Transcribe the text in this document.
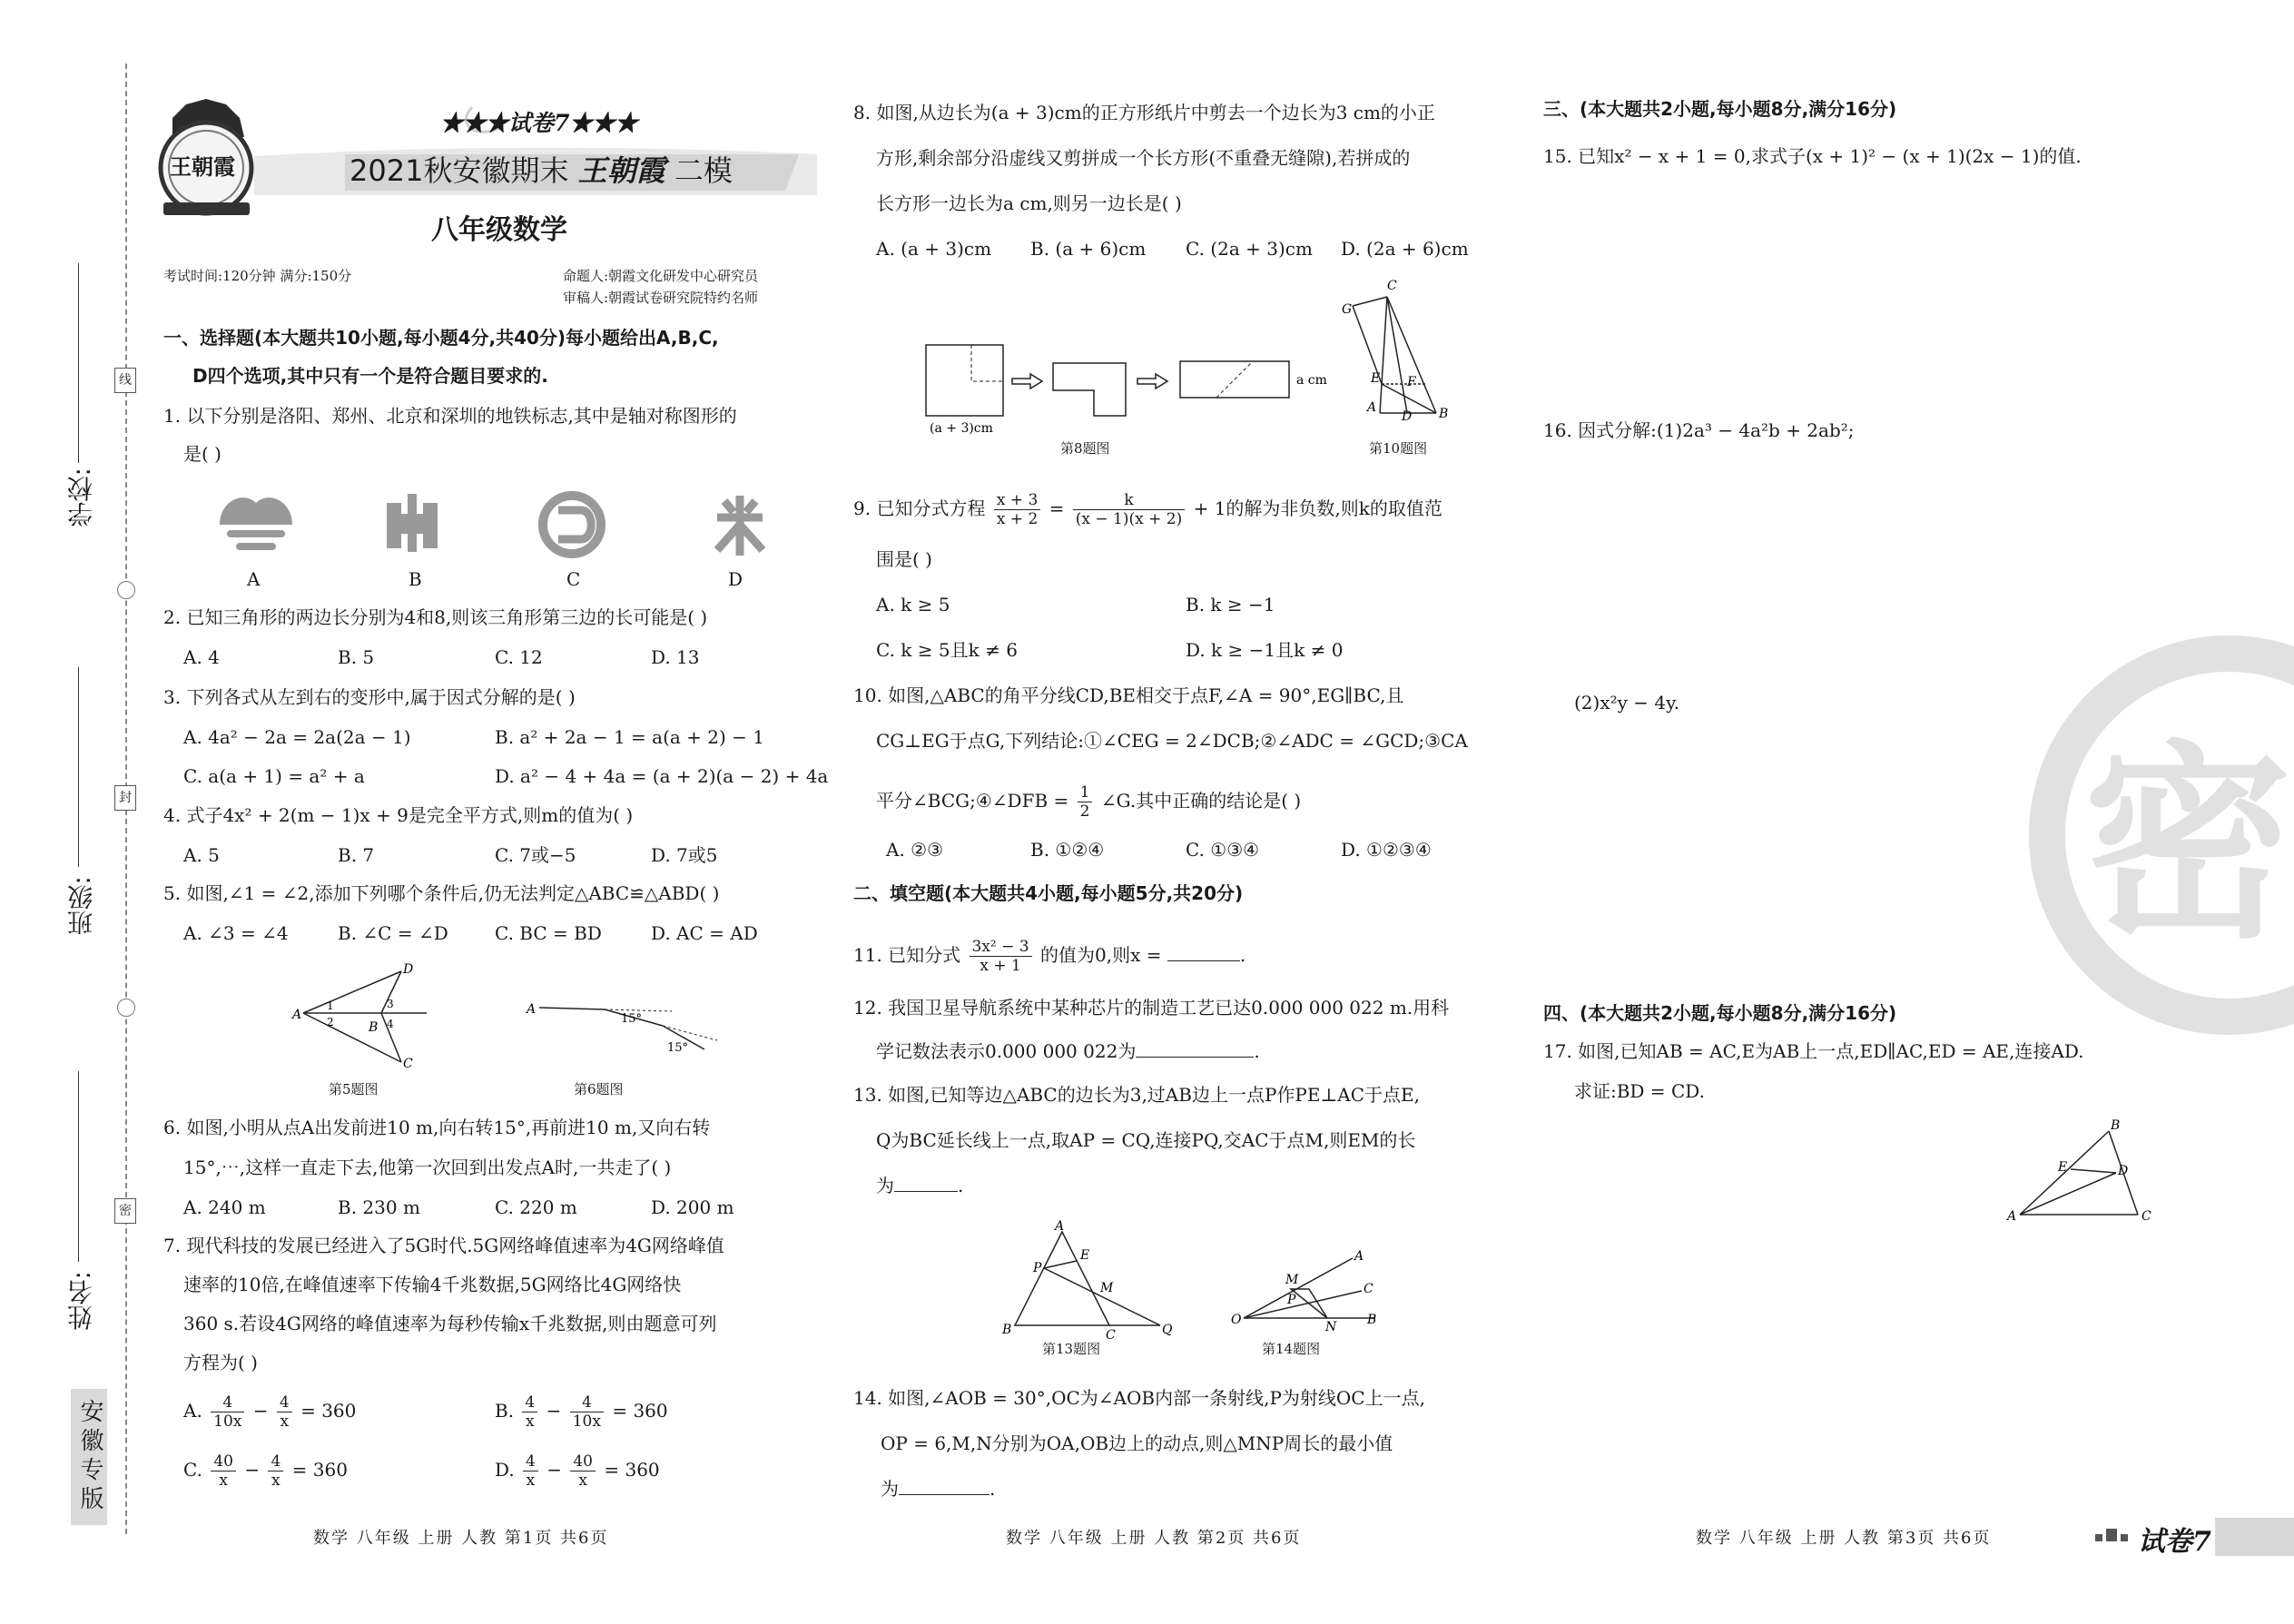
学校:
班级:
姓名:
线
封
密
安徽专版
王朝霞
★★★试卷7★★★
2021秋安徽期末 王朝霞 二模
八年级数学
考试时间:120分钟 满分:150分	命题人:朝霞文化研发中心研究员
审稿人:朝霞试卷研究院特约名师
一、选择题(本大题共10小题,每小题4分,共40分)每小题给出A,B,C,
D四个选项,其中只有一个是符合题目要求的.
1. 以下分别是洛阳、郑州、北京和深圳的地铁标志,其中是轴对称图形的
是( )
A	B	C	D
2. 已知三角形的两边长分别为4和8,则该三角形第三边的长可能是( )
A. 4	B. 5	C. 12	D. 13
3. 下列各式从左到右的变形中,属于因式分解的是( )
A. 4a² − 2a = 2a(2a − 1)	B. a² + 2a − 1 = a(a + 2) − 1
C. a(a + 1) = a² + a	D. a² − 4 + 4a = (a + 2)(a − 2) + 4a
4. 式子4x² + 2(m − 1)x + 9是完全平方式,则m的值为( )
A. 5	B. 7	C. 7或−5	D. 7或5
5. 如图,∠1 = ∠2,添加下列哪个条件后,仍无法判定△ABC≌△ABD( )
A. ∠3 = ∠4	B. ∠C = ∠D	C. BC = BD	D. AC = AD
A
D
C
B
1
2
3
4
第5题图
A
15°
15°
第6题图
6. 如图,小明从点A出发前进10 m,向右转15°,再前进10 m,又向右转
15°,⋯,这样一直走下去,他第一次回到出发点A时,一共走了( )
A. 240 m	B. 230 m	C. 220 m	D. 200 m
7. 现代科技的发展已经进入了5G时代.5G网络峰值速率为4G网络峰值
速率的10倍,在峰值速率下传输4千兆数据,5G网络比4G网络快
360 s.若设4G网络的峰值速率为每秒传输x千兆数据,则由题意可列
方程为( )
A. $\frac{4}{10x} - \frac{4}{x} = 360$	B. $\frac{4}{x} - \frac{4}{10x} = 360$
C. $\frac{40}{x} - \frac{4}{x} = 360$	D. $\frac{4}{x} - \frac{40}{x} = 360$
8. 如图,从边长为(a + 3)cm的正方形纸片中剪去一个边长为3 cm的小正
方形,剩余部分沿虚线又剪拼成一个长方形(不重叠无缝隙),若拼成的
长方形一边长为a cm,则另一边长是( )
A. (a + 3)cm B. (a + 6)cm C. (2a + 3)cm D. (2a + 6)cm
a cm
(a + 3)cm
第8题图
C
G
E F
A
D B
第10题图
9. 已知分式方程 $\frac{x + 3}{x + 2} = \frac{k}{(x - 1)(x + 2)} + 1$的解为非负数,则k的取值范
围是( )
A. k ≥ 5	B. k ≥ −1
C. k ≥ 5且k ≠ 6	D. k ≥ −1且k ≠ 0
10. 如图,△ABC的角平分线CD,BE相交于点F,∠A = 90°,EG∥BC,且
CG⊥EG于点G,下列结论:①∠CEG = 2∠DCB;②∠ADC = ∠GCD;③CA
平分∠BCG;④∠DFB = $\frac{1}{2}$ ∠G.其中正确的结论是( )
A. ②③	B. ①②④	C. ①③④	D. ①②③④
二、填空题(本大题共4小题,每小题5分,共20分)
11. 已知分式 $\frac{\text{3x² − 3}}{x + 1}$ 的值为0,则x =	.
12. 我国卫星导航系统中某种芯片的制造工艺已达0.000 000 022 m.用科
学记数法表示0.000 000 022为	.
13. 如图,已知等边△ABC的边长为3,过AB边上一点P作PE⊥AC于点E,
Q为BC延长线上一点,取AP = CQ,连接PQ,交AC于点M,则EM的长
为	.
A
P
E
M
B	C	Q
第13题图
O
A
C
B
M
P
N
第14题图
14. 如图,∠AOB = 30°,OC为∠AOB内部一条射线,P为射线OC上一点,
OP = 6,M,N分别为OA,OB边上的动点,则△MNP周长的最小值
为	.
三、(本大题共2小题,每小题8分,满分16分)
15. 已知x² − x + 1 = 0,求式子(x + 1)² − (x + 1)(2x − 1)的值.
16. 因式分解:(1)2a³ − 4a²b + 2ab²;
(2)x²y − 4y.
密
四、(本大题共2小题,每小题8分,满分16分)
17. 如图,已知AB = AC,E为AB上一点,ED∥AC,ED = AE,连接AD.
求证:BD = CD.
B
E	D
A	C
数学 八年级 上册 人教 第1页 共6页	数学 八年级 上册 人教 第2页 共6页	数学 八年级 上册 人教 第3页 共6页	试卷7
